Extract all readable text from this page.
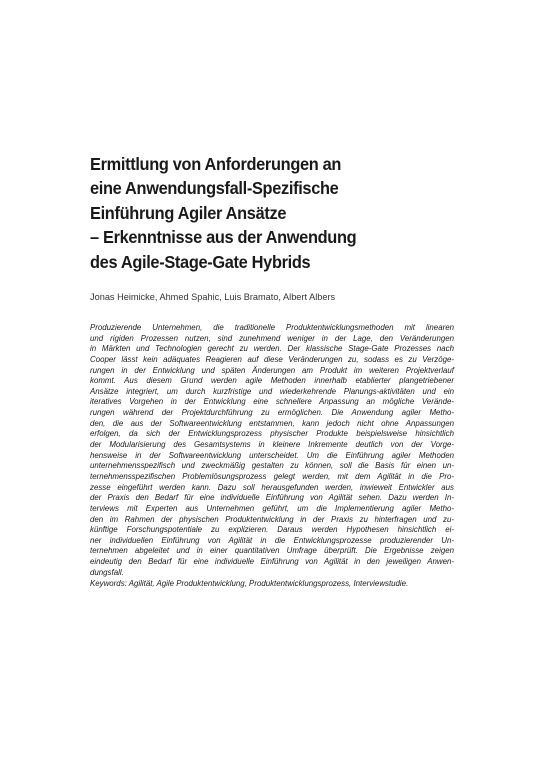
Ermittlung von Anforderungen an
eine Anwendungsfall-Spezifische
Einführung Agiler Ansätze
– Erkenntnisse aus der Anwendung
des Agile-Stage-Gate Hybrids

Jonas Heimicke, Ahmed Spahic, Luis Bramato, Albert Albers

Produzierende Unternehmen, die traditionelle Produktentwicklungsmethoden mit linearen
und rigiden Prozessen nutzen, sind zunehmend weniger in der Lage, den Veränderungen
in Märkten und Technologien gerecht zu werden. Der klassische Stage-Gate Prozesses nach
Cooper lässt kein adäquates Reagieren auf diese Veränderungen zu, sodass es zu Verzöge-
rungen in der Entwicklung und späten Änderungen am Produkt im weiteren Projektverlauf
kommt. Aus diesem Grund werden agile Methoden innerhalb etablierter plangetriebener
Ansätze integriert, um durch kurzfristige und wiederkehrende Planungs-aktivitäten und ein
iteratives Vorgehen in der Entwicklung eine schnellere Anpassung an mögliche Verände-
rungen während der Projektdurchführung zu ermöglichen. Die Anwendung agiler Metho-
den, die aus der Softwareentwicklung entstammen, kann jedoch nicht ohne Anpassungen
erfolgen, da sich der Entwicklungsprozess physischer Produkte beispielsweise hinsichtlich
der Modularisierung des Gesamtsystems in kleinere Inkremente deutlich von der Vorge-
hensweise in der Softwareentwicklung unterscheidet. Um die Einführung agiler Methoden
unternehmensspezifisch und zweckmäßig gestalten zu können, soll die Basis für einen un-
ternehmensspezifischen Problemlösungsprozess gelegt werden, mit dem Agilität in die Pro-
zesse eingeführt werden kann. Dazu soll herausgefunden werden, inwieweit Entwickler aus
der Praxis den Bedarf für eine individuelle Einführung von Agilität sehen. Dazu werden In-
terviews mit Experten aus Unternehmen geführt, um die Implementierung agiler Metho-
den im Rahmen der physischen Produktentwicklung in der Praxis zu hinterfragen und zu-
künftige Forschungspotentiale zu explizieren. Daraus werden Hypothesen hinsichtlich ei-
ner individuellen Einführung von Agilität in die Entwicklungsprozesse produzierender Un-
ternehmen abgeleitet und in einer quantitativen Umfrage überprüft. Die Ergebnisse zeigen
eindeutig den Bedarf für eine individuelle Einführung von Agilität in den jeweiligen Anwen-
dungsfall.

Keywords: Agilität, Agile Produktentwicklung, Produktentwicklungsprozess, Interviewstudie.
